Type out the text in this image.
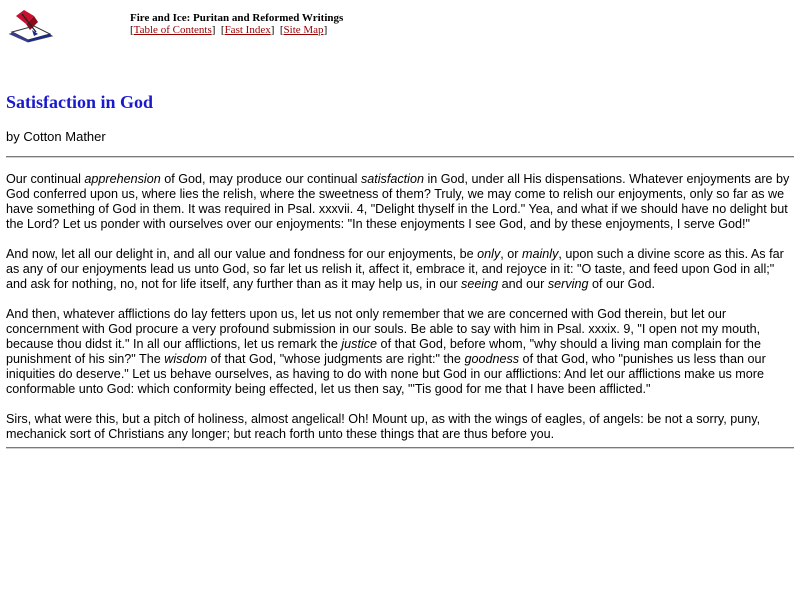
Fire and Ice: Puritan and Reformed Writings
[Table of Contents]  [Fast Index]  [Site Map]
Satisfaction in God
by Cotton Mather

Our continual apprehension of God, may produce our continual satisfaction in God, under all His dispensations. Whatever enjoyments are by God conferred upon us, where lies the relish, where the sweetness of them? Truly, we may come to relish our enjoyments, only so far as we have something of God in them. It was required in Psal. xxxvii. 4, "Delight thyself in the Lord." Yea, and what if we should have no delight but the Lord? Let us ponder with ourselves over our enjoyments: "In these enjoyments I see God, and by these enjoyments, I serve God!"

And now, let all our delight in, and all our value and fondness for our enjoyments, be only, or mainly, upon such a divine score as this. As far as any of our enjoyments lead us unto God, so far let us relish it, affect it, embrace it, and rejoyce in it: "O taste, and feed upon God in all;" and ask for nothing, no, not for life itself, any further than as it may help us, in our seeing and our serving of our God.

And then, whatever afflictions do lay fetters upon us, let us not only remember that we are concerned with God therein, but let our concernment with God procure a very profound submission in our souls. Be able to say with him in Psal. xxxix. 9, "I open not my mouth, because thou didst it." In all our afflictions, let us remark the justice of that God, before whom, "why should a living man complain for the punishment of his sin?" The wisdom of that God, "whose judgments are right:" the goodness of that God, who "punishes us less than our iniquities do deserve." Let us behave ourselves, as having to do with none but God in our afflictions: And let our afflictions make us more conformable unto God: which conformity being effected, let us then say, "'Tis good for me that I have been afflicted."

Sirs, what were this, but a pitch of holiness, almost angelical! Oh! Mount up, as with the wings of eagles, of angels: be not a sorry, puny, mechanick sort of Christians any longer; but reach forth unto these things that are thus before you.
